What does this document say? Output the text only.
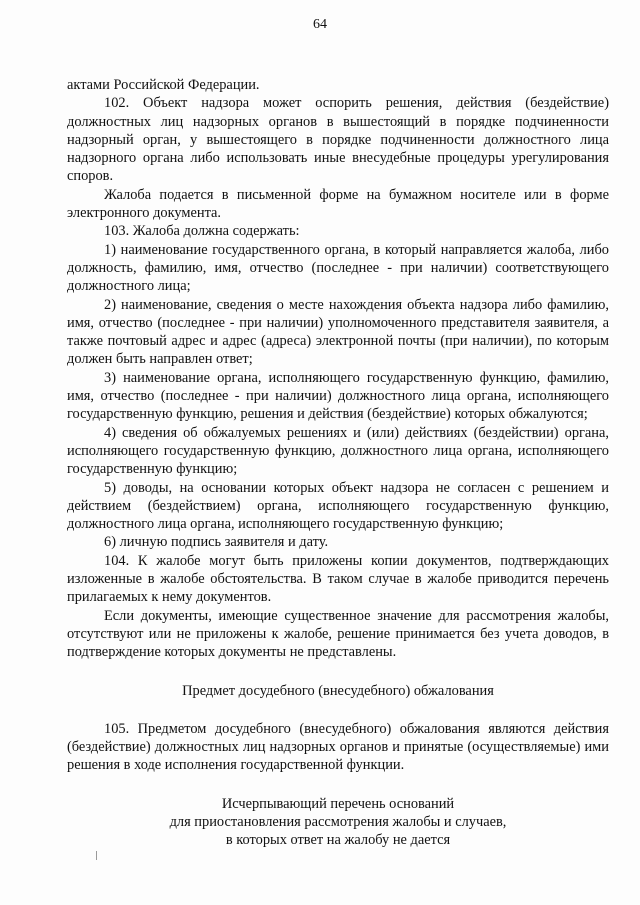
64

актами Российской Федерации.

102. Объект надзора может оспорить решения, действия (бездействие) должностных лиц надзорных органов в вышестоящий в порядке подчиненности надзорный орган, у вышестоящего в порядке подчиненности должностного лица надзорного органа либо использовать иные внесудебные процедуры урегулирования споров.

Жалоба подается в письменной форме на бумажном носителе или в форме электронного документа.

103. Жалоба должна содержать:

1) наименование государственного органа, в который направляется жалоба, либо должность, фамилию, имя, отчество (последнее - при наличии) соответствующего должностного лица;

2) наименование, сведения о месте нахождения объекта надзора либо фамилию, имя, отчество (последнее - при наличии) уполномоченного представителя заявителя, а также почтовый адрес и адрес (адреса) электронной почты (при наличии), по которым должен быть направлен ответ;

3) наименование органа, исполняющего государственную функцию, фамилию, имя, отчество (последнее - при наличии) должностного лица органа, исполняющего государственную функцию, решения и действия (бездействие) которых обжалуются;

4) сведения об обжалуемых решениях и (или) действиях (бездействии) органа, исполняющего государственную функцию, должностного лица органа, исполняющего государственную функцию;

5) доводы, на основании которых объект надзора не согласен с решением и действием (бездействием) органа, исполняющего государственную функцию, должностного лица органа, исполняющего государственную функцию;

6) личную подпись заявителя и дату.

104. К жалобе могут быть приложены копии документов, подтверждающих изложенные в жалобе обстоятельства. В таком случае в жалобе приводится перечень прилагаемых к нему документов.

Если документы, имеющие существенное значение для рассмотрения жалобы, отсутствуют или не приложены к жалобе, решение принимается без учета доводов, в подтверждение которых документы не представлены.

Предмет досудебного (внесудебного) обжалования

105. Предметом досудебного (внесудебного) обжалования являются действия (бездействие) должностных лиц надзорных органов и принятые (осуществляемые) ими решения в ходе исполнения государственной функции.

Исчерпывающий перечень оснований

для приостановления рассмотрения жалобы и случаев,

в которых ответ на жалобу не дается
